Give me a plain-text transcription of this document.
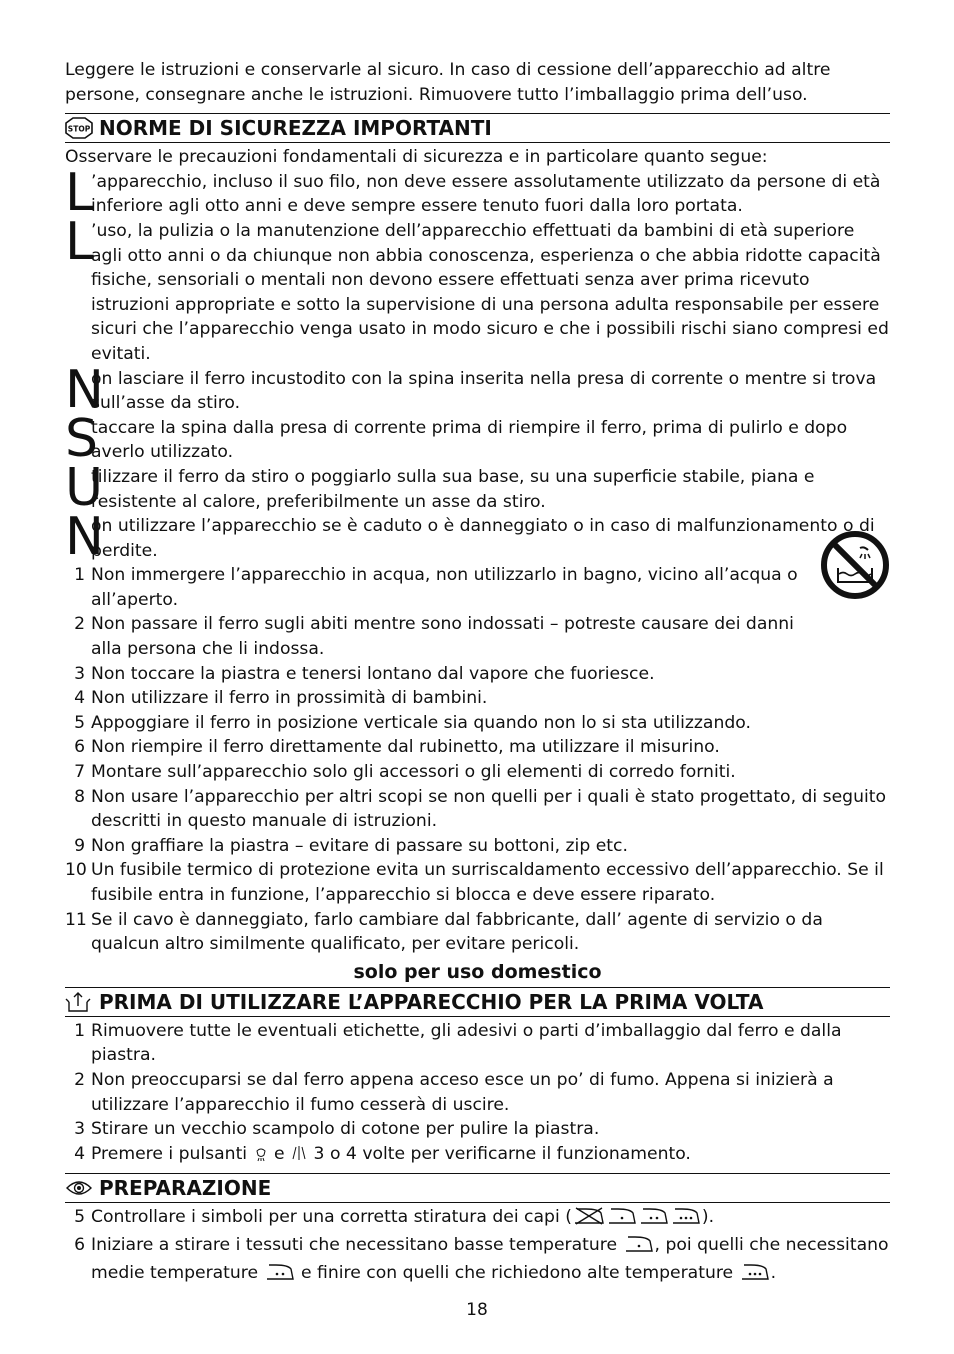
Leggere le istruzioni e conservarle al sicuro. In caso di cessione dell’apparecchio ad altre persone, consegnare anche le istruzioni. Rimuovere tutto l’imballaggio prima dell’uso.

STOP NORME DI SICUREZZA IMPORTANTI

Osservare le precauzioni fondamentali di sicurezza e in particolare quanto segue:

L
’apparecchio, incluso il suo filo, non deve essere assolutamente utilizzato da persone di età inferiore agli otto anni e deve sempre essere tenuto fuori dalla loro portata.
L
’uso, la pulizia o la manutenzione dell’apparecchio effettuati da bambini di età superiore agli otto anni o da chiunque non abbia conoscenza, esperienza o che abbia ridotte capacità fisiche, sensoriali o mentali non devono essere effettuati senza aver prima ricevuto istruzioni appropriate e sotto la supervisione di una persona adulta responsabile per essere sicuri che l’apparecchio venga usato in modo sicuro e che i possibili rischi siano compresi ed evitati.
N
on lasciare il ferro incustodito con la spina inserita nella presa di corrente o mentre si trova sull’asse da stiro.
S
taccare la spina dalla presa di corrente prima di riempire il ferro, prima di pulirlo e dopo averlo utilizzato.
U
tilizzare il ferro da stiro o poggiarlo sulla sua base, su una superficie stabile, piana e resistente al calore, preferibilmente un asse da stiro.
N
on utilizzare l’apparecchio se è caduto o è danneggiato o in caso di malfunzionamento o di perdite.
1 Non immergere l’apparecchio in acqua, non utilizzarlo in bagno, vicino all’acqua o all’aperto.
2 Non passare il ferro sugli abiti mentre sono indossati – potreste causare dei danni alla persona che li indossa.
3 Non toccare la piastra e tenersi lontano dal vapore che fuoriesce.
4 Non utilizzare il ferro in prossimità di bambini.
5 Appoggiare il ferro in posizione verticale sia quando non lo si sta utilizzando.
6 Non riempire il ferro direttamente dal rubinetto, ma utilizzare il misurino.
7 Montare sull’apparecchio solo gli accessori o gli elementi di corredo forniti.
8 Non usare l’apparecchio per altri scopi se non quelli per i quali è stato progettato, di seguito descritti in questo manuale di istruzioni.
9 Non graffiare la piastra – evitare di passare su bottoni, zip etc.
10 Un fusibile termico di protezione evita un surriscaldamento eccessivo dell’apparecchio. Se il fusibile entra in funzione, l’apparecchio si blocca e deve essere riparato.
11 Se il cavo è danneggiato, farlo cambiare dal fabbricante, dall’ agente di servizio o da qualcun altro similmente qualificato, per evitare pericoli.
solo per uso domestico
PRIMA DI UTILIZZARE L’APPARECCHIO PER LA PRIMA VOLTA
1 Rimuovere tutte le eventuali etichette, gli adesivi o parti d’imballaggio dal ferro e dalla piastra.
2 Non preoccuparsi se dal ferro appena acceso esce un po’ di fumo. Appena si inizierà a utilizzare l’apparecchio il fumo cesserà di uscire.
3 Stirare un vecchio scampolo di cotone per pulire la piastra.
4 Premere i pulsanti e 3 o 4 volte per verificarne il funzionamento.
PREPARAZIONE
5 Controllare i simboli per una corretta stiratura dei capi (	).
6 Iniziare a stirare i tessuti che necessitano basse temperature , poi quelli che necessitano medie temperature e finire con quelli che richiedono alte temperature .
18
